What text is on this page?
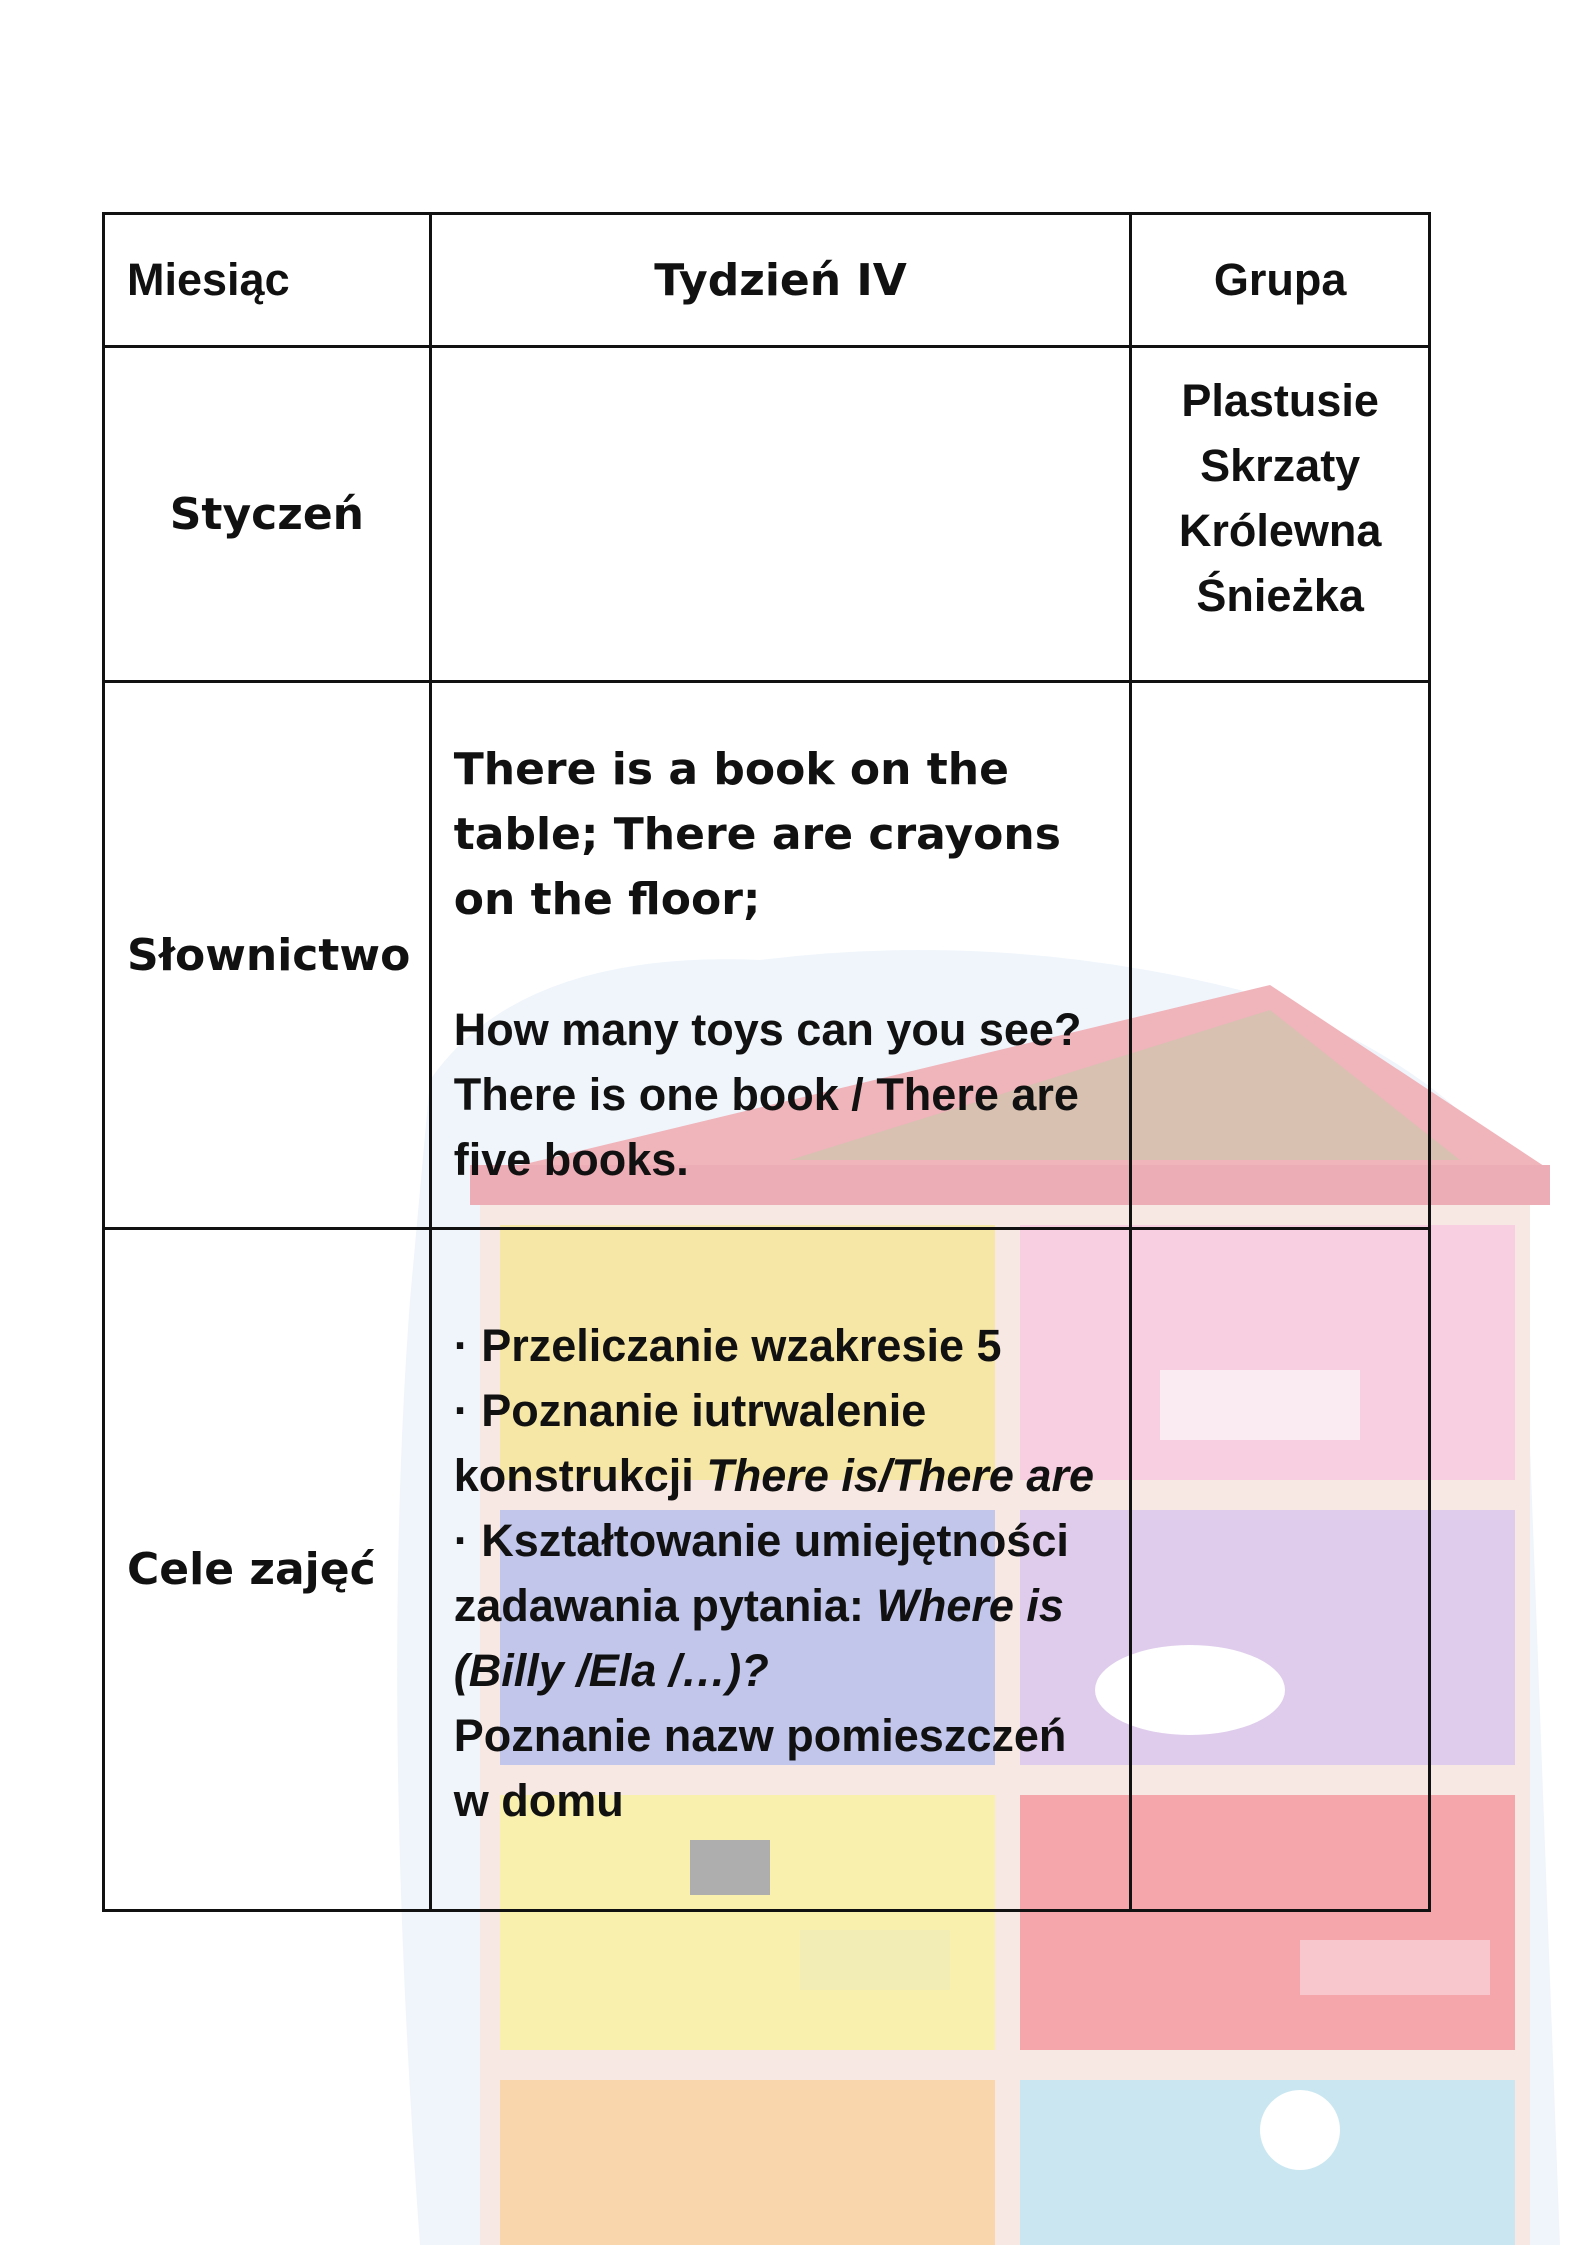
Miesiąc	Tydzień IV	Grupa
Styczeń		Plastusie
Skrzaty
Królewna
Śnieżka

Słownictwo	There is a book on the table; There are crayons on the floor;

How many toys can you see? There is one book / There are five books.	

Cele zajęć	· Przeliczanie wzakresie 5

· Poznanie iutrwalenie konstrukcji There is/There are

· Kształtowanie umiejętności zadawania pytania: Where is (Billy /Ela /…)?

Poznanie nazw pomieszczeń w domu	
